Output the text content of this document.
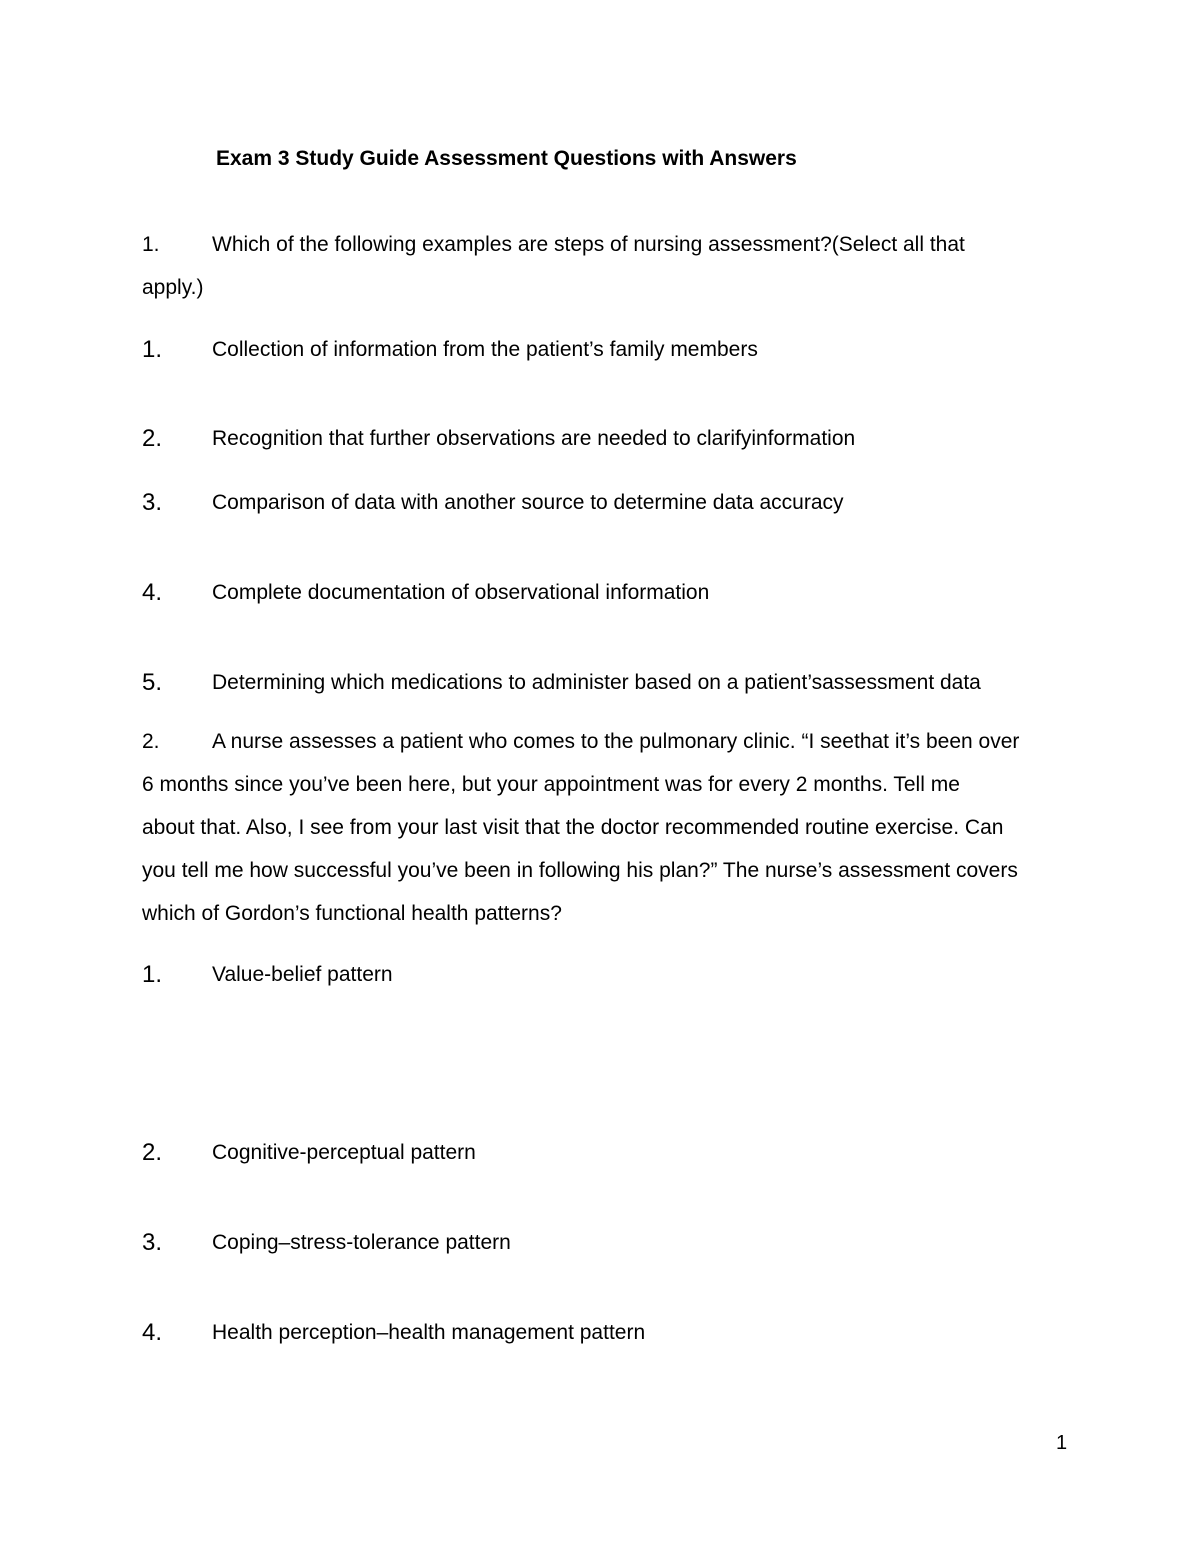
Exam 3 Study Guide Assessment Questions with Answers
1. Which of the following examples are steps of nursing assessment?(Select all that
apply.)
1. Collection of information from the patient’s family members
2. Recognition that further observations are needed to clarifyinformation
3. Comparison of data with another source to determine data accuracy
4. Complete documentation of observational information
5. Determining which medications to administer based on a patient’sassessment data
2. A nurse assesses a patient who comes to the pulmonary clinic. “I seethat it’s been over
6 months since you’ve been here, but your appointment was for every 2 months. Tell me
about that. Also, I see from your last visit that the doctor recommended routine exercise. Can
you tell me how successful you’ve been in following his plan?” The nurse’s assessment covers
which of Gordon’s functional health patterns?
1. Value-belief pattern
2. Cognitive-perceptual pattern
3. Coping–stress-tolerance pattern
4. Health perception–health management pattern
1
